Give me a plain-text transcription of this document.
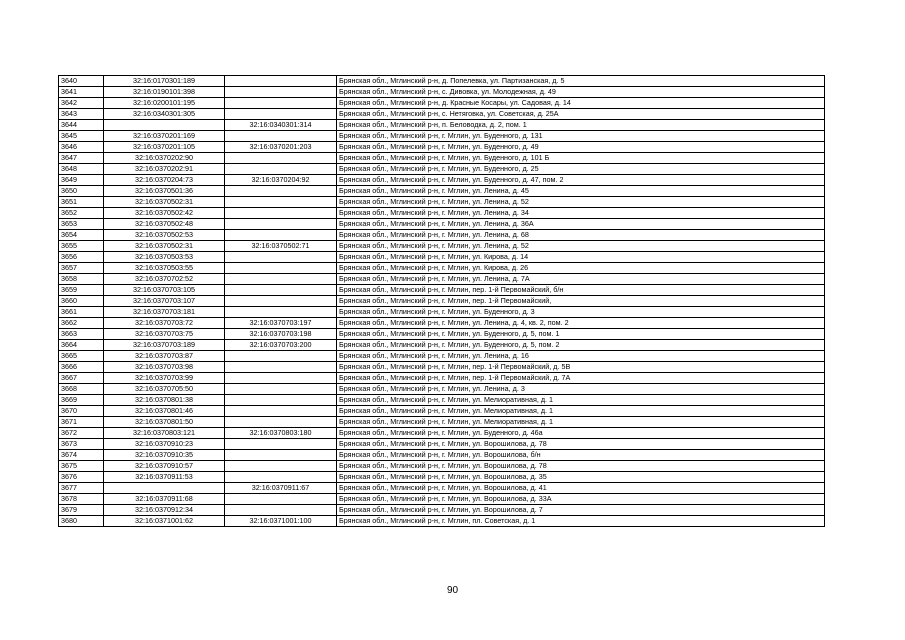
3640	32:16:0170301:189		Брянская обл., Мглинский р-н, д. Попелевка, ул. Партизанская, д. 5
3641	32:16:0190101:398		Брянская обл., Мглинский р-н, с. Дивовка, ул. Молодежная, д. 49
3642	32:16:0200101:195		Брянская обл., Мглинский р-н, д. Красные Косары, ул. Садовая, д. 14
3643	32:16:0340301:305		Брянская обл., Мглинский р-н, с. Нетяговка, ул. Советская, д. 25А
3644		32:16:0340301:314	Брянская обл., Мглинский р-н, п. Беловодка, д. 2, пом. 1
3645	32:16:0370201:169		Брянская обл., Мглинский р-н, г. Мглин, ул. Буденного, д. 131
3646	32:16:0370201:105	32:16:0370201:203	Брянская обл., Мглинский р-н, г. Мглин, ул. Буденного, д. 49
3647	32:16:0370202:90		Брянская обл., Мглинский р-н, г. Мглин, ул. Буденного, д. 101 Б
3648	32:16:0370202:91		Брянская обл., Мглинский р-н, г. Мглин, ул. Буденного, д. 25
3649	32:16:0370204:73	32:16:0370204:92	Брянская обл., Мглинский р-н, г. Мглин, ул. Буденного, д. 47, пом. 2
3650	32:16:0370501:36		Брянская обл., Мглинский р-н, г. Мглин, ул. Ленина, д. 45
3651	32:16:0370502:31		Брянская обл., Мглинский р-н, г. Мглин, ул. Ленина, д. 52
3652	32:16:0370502:42		Брянская обл., Мглинский р-н, г. Мглин, ул. Ленина, д. 34
3653	32:16:0370502:48		Брянская обл., Мглинский р-н, г. Мглин, ул. Ленина, д. 36А
3654	32:16:0370502:53		Брянская обл., Мглинский р-н, г. Мглин, ул. Ленина, д. 68
3655	32:16:0370502:31	32:16:0370502:71	Брянская обл., Мглинский р-н, г. Мглин, ул. Ленина, д. 52
3656	32:16:0370503:53		Брянская обл., Мглинский р-н, г. Мглин, ул. Кирова, д. 14
3657	32:16:0370503:55		Брянская обл., Мглинский р-н, г. Мглин, ул. Кирова, д. 26
3658	32:16:0370702:52		Брянская обл., Мглинский р-н, г. Мглин, ул. Ленина, д. 7А
3659	32:16:0370703:105		Брянская обл., Мглинский р-н, г. Мглин, пер. 1-й Первомайский, б/н
3660	32:16:0370703:107		Брянская обл., Мглинский р-н, г. Мглин, пер. 1-й Первомайский,
3661	32:16:0370703:181		Брянская обл., Мглинский р-н, г. Мглин, ул. Буденного, д. 3
3662	32:16:0370703:72	32:16:0370703:197	Брянская обл., Мглинский р-н, г. Мглин, ул. Ленина, д. 4, кв. 2, пом. 2
3663	32:16:0370703:75	32:16:0370703:198	Брянская обл., Мглинский р-н, г. Мглин, ул. Буденного, д. 5, пом. 1
3664	32:16:0370703:189	32:16:0370703:200	Брянская обл., Мглинский р-н, г. Мглин, ул. Буденного, д. 5, пом. 2
3665	32:16:0370703:87		Брянская обл., Мглинский р-н, г. Мглин, ул. Ленина, д. 16
3666	32:16:0370703:98		Брянская обл., Мглинский р-н, г. Мглин, пер. 1-й Первомайский, д. 5В
3667	32:16:0370703:99		Брянская обл., Мглинский р-н, г. Мглин, пер. 1-й Первомайский, д. 7А
3668	32:16:0370705:50		Брянская обл., Мглинский р-н, г. Мглин, ул. Ленина, д. 3
3669	32:16:0370801:38		Брянская обл., Мглинский р-н, г. Мглин, ул. Мелиоративная, д. 1
3670	32:16:0370801:46		Брянская обл., Мглинский р-н, г. Мглин, ул. Мелиоративная, д. 1
3671	32:16:0370801:50		Брянская обл., Мглинский р-н, г. Мглин, ул. Мелиоративная, д. 1
3672	32:16:0370803:121	32:16:0370803:180	Брянская обл., Мглинский р-н, г. Мглин, ул. Буденного, д. 46а
3673	32:16:0370910:23		Брянская обл., Мглинский р-н, г. Мглин, ул. Ворошилова, д. 78
3674	32:16:0370910:35		Брянская обл., Мглинский р-н, г. Мглин, ул. Ворошилова, б/н
3675	32:16:0370910:57		Брянская обл., Мглинский р-н, г. Мглин, ул. Ворошилова, д. 78
3676	32:16:0370911:53		Брянская обл., Мглинский р-н, г. Мглин, ул. Ворошилова, д. 35
3677		32:16:0370911:67	Брянская обл., Мглинский р-н, г. Мглин, ул. Ворошилова, д. 41
3678	32:16:0370911:68		Брянская обл., Мглинский р-н, г. Мглин, ул. Ворошилова, д. 33А
3679	32:16:0370912:34		Брянская обл., Мглинский р-н, г. Мглин, ул. Ворошилова, д. 7
3680	32:16:0371001:62	32:16:0371001:100	Брянская обл., Мглинский р-н, г. Мглин, пл. Советская, д. 1
90
